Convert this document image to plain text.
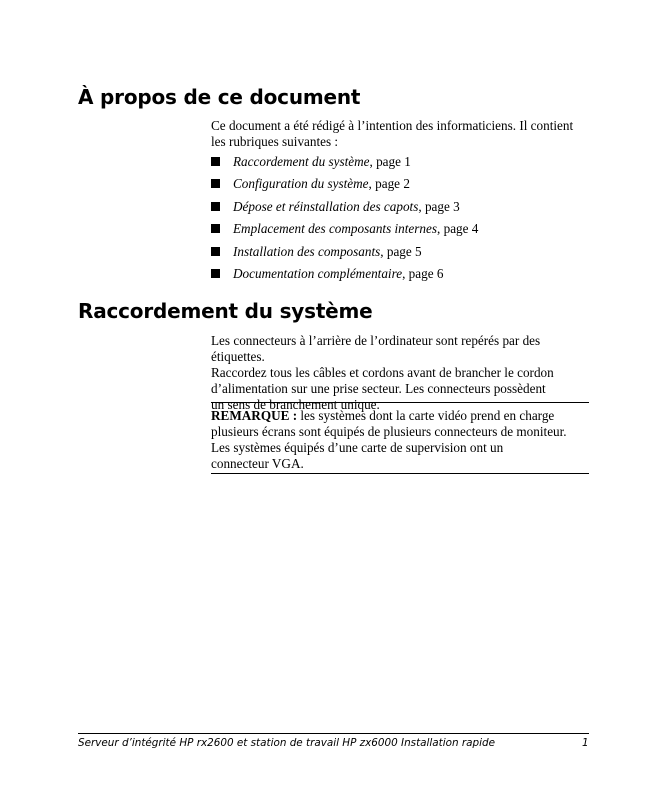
À propos de ce document
Ce document a été rédigé à l’intention des informaticiens. Il contient
les rubriques suivantes :
Raccordement du système, page 1
Configuration du système, page 2
Dépose et réinstallation des capots, page 3
Emplacement des composants internes, page 4
Installation des composants, page 5
Documentation complémentaire, page 6
Raccordement du système
Les connecteurs à l’arrière de l’ordinateur sont repérés par des étiquettes.
Raccordez tous les câbles et cordons avant de brancher le cordon
d’alimentation sur une prise secteur. Les connecteurs possèdent
un sens de branchement unique.
REMARQUE : les systèmes dont la carte vidéo prend en charge
plusieurs écrans sont équipés de plusieurs connecteurs de moniteur.
Les systèmes équipés d’une carte de supervision ont un
connecteur VGA.
Serveur d’intégrité HP rx2600 et station de travail HP zx6000 Installation rapide	1
